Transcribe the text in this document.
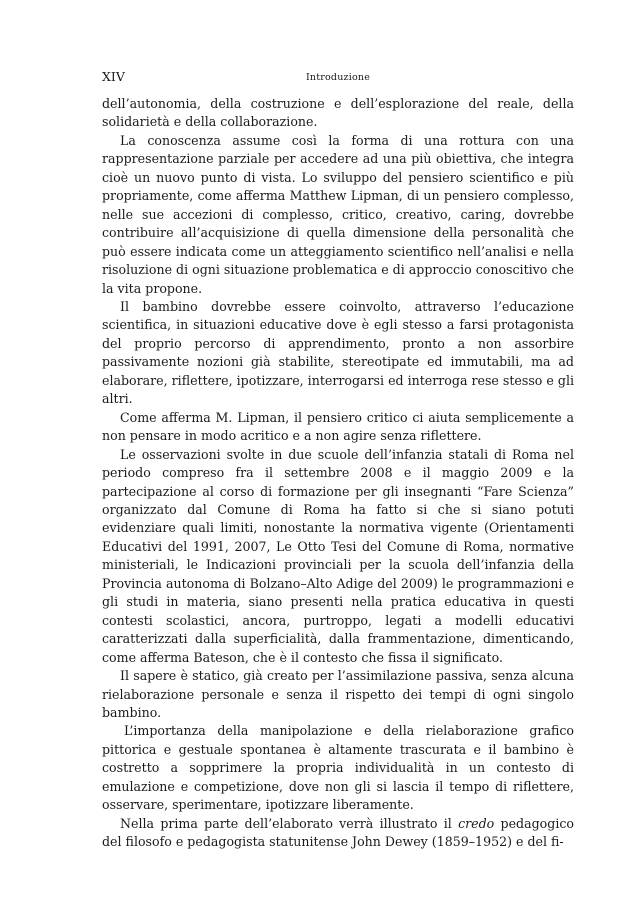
XIV	Introduzione

dell’autonomia, della costruzione e dell’esplorazione del reale, della solidarietà e della collaborazione.

La conoscenza assume così la forma di una rottura con una rappresentazione parziale per accedere ad una più obiettiva, che integra cioè un nuovo punto di vista. Lo sviluppo del pensiero scientifico e più propriamente, come afferma Matthew Lipman, di un pensiero complesso, nelle sue accezioni di complesso, critico, creativo, caring, dovrebbe contribuire all’acquisizione di quella dimensione della personalità che può essere indicata come un atteggiamento scientifico nell’analisi e nella risoluzione di ogni situazione problematica e di approccio conoscitivo che la vita propone.

Il bambino dovrebbe essere coinvolto, attraverso l’educazione scientifica, in situazioni educative dove è egli stesso a farsi protagonista del proprio percorso di apprendimento, pronto a non assorbire passivamente nozioni già stabilite, stereotipate ed immutabili, ma ad elaborare, riflettere, ipotizzare, interrogarsi ed interroga rese stesso e gli altri.

Come afferma M. Lipman, il pensiero critico ci aiuta semplicemente a non pensare in modo acritico e a non agire senza riflettere.

Le osservazioni svolte in due scuole dell’infanzia statali di Roma nel periodo compreso fra il settembre 2008 e il maggio 2009 e la partecipazione al corso di formazione per gli insegnanti “Fare Scienza” organizzato dal Comune di Roma ha fatto si che si siano potuti evidenziare quali limiti, nonostante la normativa vigente (Orientamenti Educativi del 1991, 2007, Le Otto Tesi del Comune di Roma, normative ministeriali, le Indicazioni provinciali per la scuola dell’infanzia della Provincia autonoma di Bolzano–Alto Adige del 2009) le programmazioni e gli studi in materia, siano presenti nella pratica educativa in questi contesti scolastici, ancora, purtroppo, legati a modelli educativi caratterizzati dalla superficialità, dalla frammentazione, dimenticando, come afferma Bateson, che è il contesto che fissa il significato.

Il sapere è statico, già creato per l’assimilazione passiva, senza alcuna rielaborazione personale e senza il rispetto dei tempi di ogni singolo bambino.

L’importanza della manipolazione e della rielaborazione grafico pittorica e gestuale spontanea è altamente trascurata e il bambino è costretto a sopprimere la propria individualità in un contesto di emulazione e competizione, dove non gli si lascia il tempo di riflettere, osservare, sperimentare, ipotizzare liberamente.

Nella prima parte dell’elaborato verrà illustrato il credo pedagogico del filosofo e pedagogista statunitense John Dewey (1859–1952) e del fi-
